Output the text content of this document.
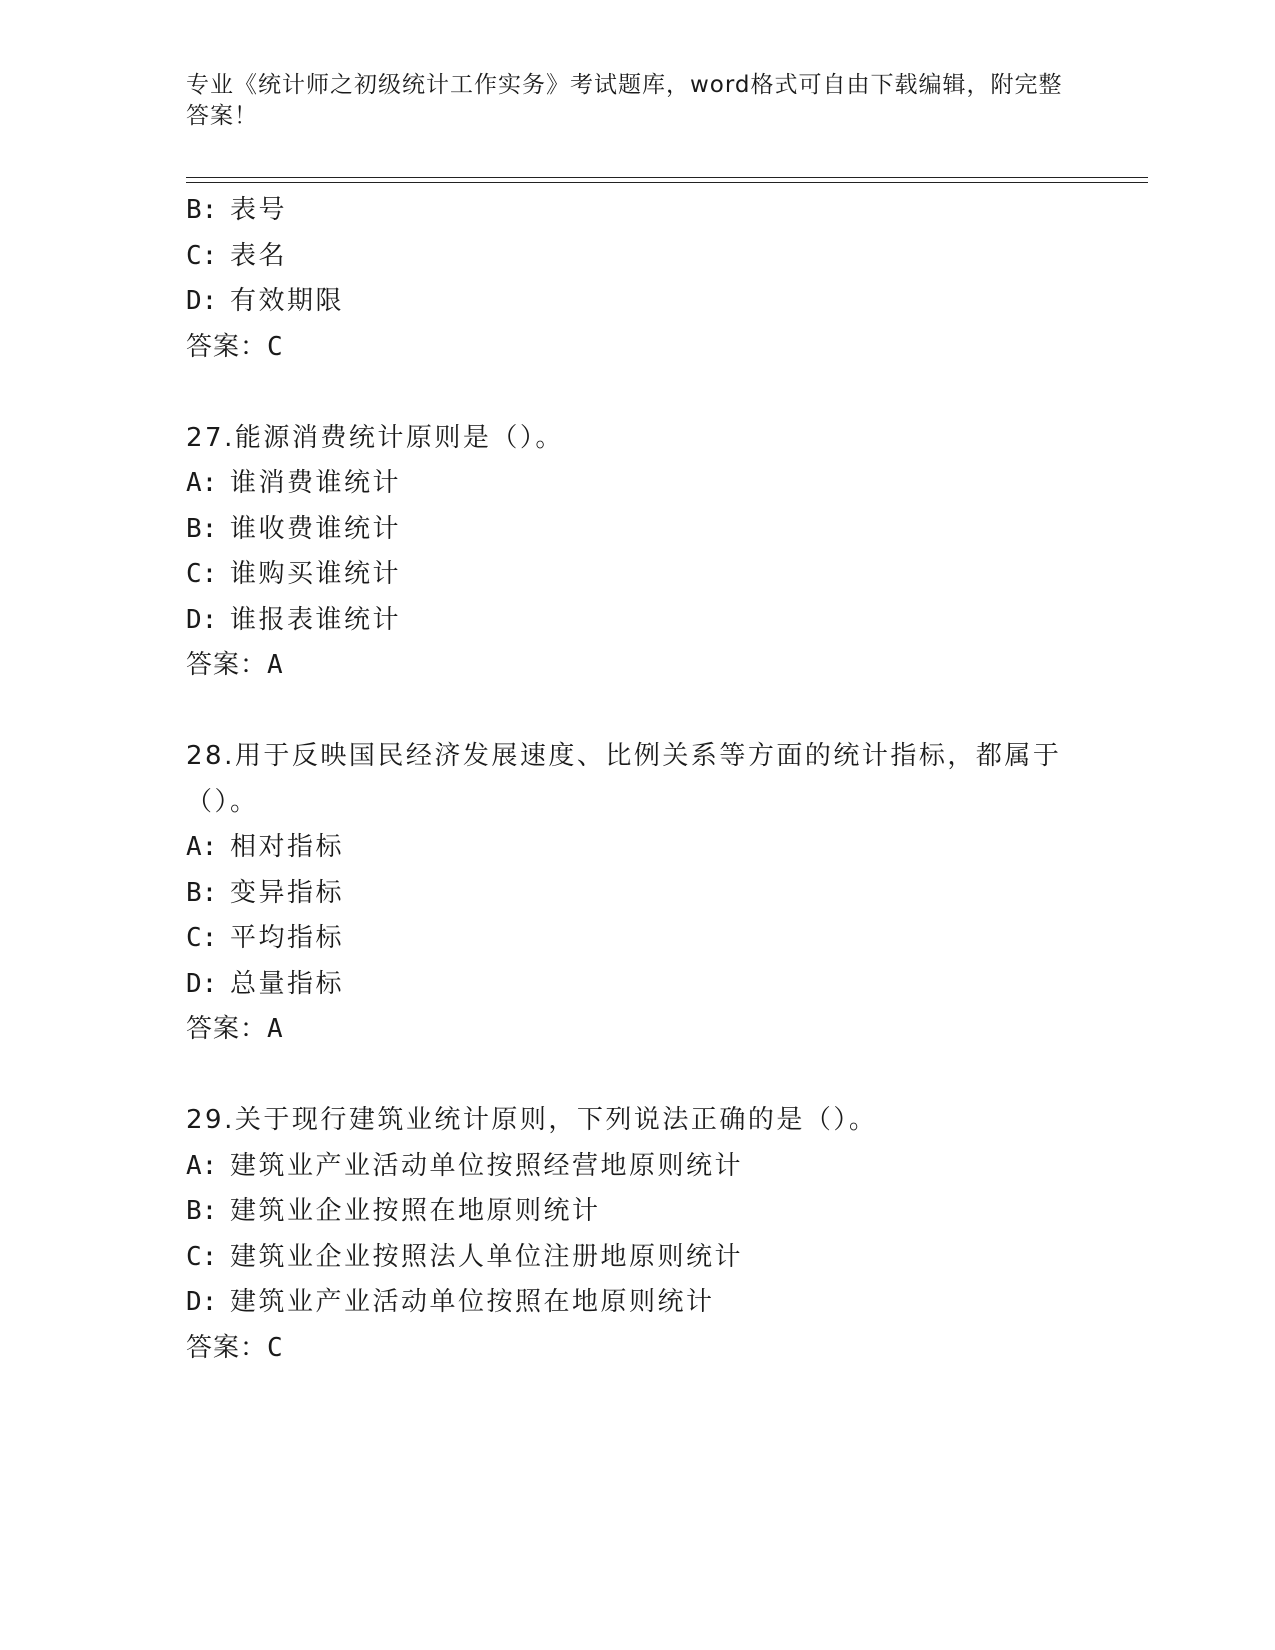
专业《统计师之初级统计工作实务》考试题库，word格式可自由下载编辑，附完整答案！
B: 表号
C: 表名
D: 有效期限
答案：C
27.能源消费统计原则是（）。
A: 谁消费谁统计
B: 谁收费谁统计
C: 谁购买谁统计
D: 谁报表谁统计
答案：A
28.用于反映国民经济发展速度、比例关系等方面的统计指标，都属于（）。
A: 相对指标
B: 变异指标
C: 平均指标
D: 总量指标
答案：A
29.关于现行建筑业统计原则，下列说法正确的是（）。
A: 建筑业产业活动单位按照经营地原则统计
B: 建筑业企业按照在地原则统计
C: 建筑业企业按照法人单位注册地原则统计
D: 建筑业产业活动单位按照在地原则统计
答案：C
